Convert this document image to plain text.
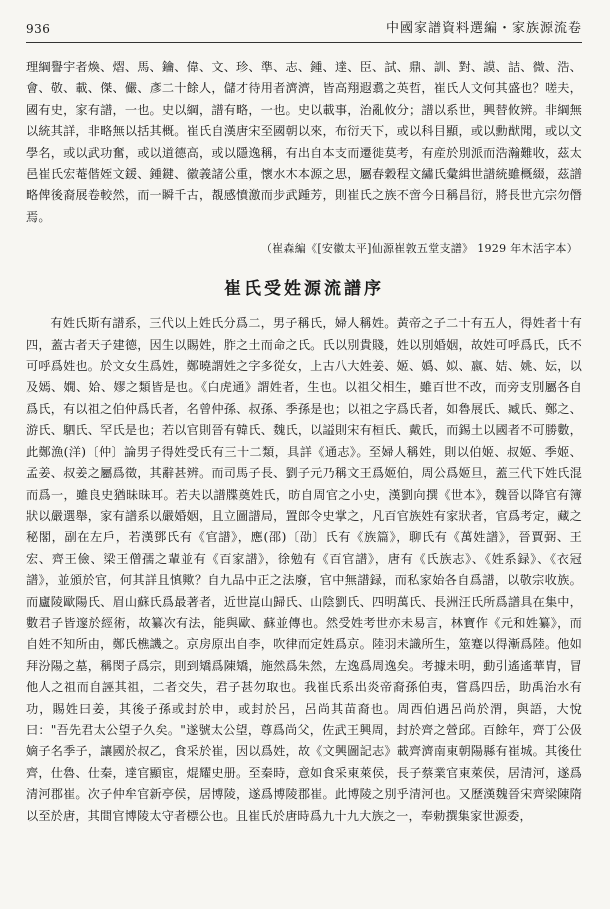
936	中國家譜資料選編・家族源流卷

理綱譽宇者煥、熠、馬、鑰、偉、文、珍、準、志、鍾、達、臣、試、鼎、訓、對、謨、詰、微、浩、會、敬、載、傑、儼、彥二十餘人，儲才待用者濟濟，皆高翔遐翥之英哲，崔氏人文何其盛也？嗟夫，國有史，家有譜，一也。史以綱，譜有略，一也。史以載事，治亂攸分；譜以系世，興替攸辨。非綱無以統其詳，非略無以括其概。崔氏自漢唐宋至國朝以來，布衍天下，或以科目顯，或以勳猷聞，或以文學名，或以武功奮，或以道德高，或以隱逸稱，有出自本支而遷徙莫考，有産於別派而浩瀚難收，茲太邑崔氏宏菴偕姪文鍰、鍾鍵、徽義諸公重，懷水木本源之思，屬春穀程文繡氏彙緝世譜統雖概綴，茲譜略俾後裔展卷較然，而一瞬千古，覩感憤激而步武踵芳，則崔氏之族不啻今日稱昌衍，將長世亢宗勿僭焉。

（崔森編《[安徽太平]仙源崔敦五堂支譜》 1929 年木活字本）
崔氏受姓源流譜序

有姓氏斯有譜系，三代以上姓氏分爲二，男子稱氏，婦人稱姓。黃帝之子二十有五人，得姓者十有四，蓋古者天子建德，因生以賜姓，胙之土而命之氏。氏以別貴賤，姓以別婚姻，故姓可呼爲氏，氏不可呼爲姓也。於文女生爲姓，鄭曉謂姓之字多從女，上古八大姓姜、姬、嬀、姒、嬴、姞、姚、妘，以及嫣、嫺、姶、嫪之類皆是也。《白虎通》謂姓者，生也。以祖父相生，雖百世不改，而旁支別屬各自爲氏，有以祖之伯仲爲氏者，名曾仲孫、叔孫、季孫是也；以祖之字爲氏者，如魯展氏、臧氏、鄭之、游氏、駟氏、罕氏是也；若以官則晉有韓氏、魏氏，以謚則宋有桓氏、戴氏，而錫土以國者不可勝數，此鄭漁(洋)〔仲〕論男子得姓受氏有三十二類，具詳《通志》。至婦人稱姓，則以伯姬、叔姬、季姬、孟姜、叔姜之屬爲徵，其辭甚辨。而司馬子長、劉子元乃稱文王爲姬伯，周公爲姬旦，蓋三代下姓氏混而爲一，雖良史猶昧昧耳。若夫以譜牒奠姓氏，昉自周官之小史，漢劉向撰《世本》，魏晉以降官有簿狀以嚴選舉，家有譜系以嚴婚姻，且立圖譜局，置郎令史掌之，凡百官族姓有家狀者，官爲考定，藏之秘閣，副在左戶，若漢鄧氏有《官譜》，應(邵)〔劭〕氏有《族篇》，聊氏有《萬姓譜》，晉賈弼、王宏、齊王儉、梁王僧孺之輩並有《百家譜》，徐勉有《百官譜》，唐有《氏族志》、《姓系録》、《衣冠譜》，並頒於官，何其詳且慎歟？自九品中正之法廢，官中無譜録，而私家始各自爲譜，以敬宗收族。而廬陵歐陽氏、眉山蘇氏爲最著者，近世崑山歸氏、山陰劉氏、四明萬氏、長洲汪氏所爲譜具在集中，數君子皆邃於經術，故纂次有法，能與歐、蘇並傳也。然受姓考世亦未易言，林寶作《元和姓纂》，而自姓不知所由，鄭氏樵譏之。京房原出自李，吹律而定姓爲京。陸羽未識所生，筮蹇以得漸爲陸。他如拜汾陽之墓，稱閔子爲宗，則到矯爲陳矯，施然爲朱然，左逸爲周逸矣。考據未明，動引遙遙華胄，冒他人之祖而自誣其祖，二者交失，君子甚勿取也。我崔氏系出炎帝裔孫伯夷，嘗爲四岳，助禹治水有功，賜姓曰姜，其後子孫或封於申，或封於呂，呂尚其苗裔也。周西伯遇呂尚於渭，與語，大悅曰："吾先君太公望子久矣。"遂號太公望，尊爲尚父，佐武王興周，封於齊之營邱。百餘年，齊丁公伋嫡子名季子，讓國於叔乙，食采於崔，因以爲姓，故《文興圖記志》載齊濟南東朝陽縣有崔城。其後仕齊，仕魯、仕秦，達官顯宦，焜耀史册。至秦時，意如食采東萊侯，長子蔡業官東萊侯，居清河，遂爲清河郡崔。次子仲牟官新亭侯，居博陵，遂爲博陵郡崔。此博陵之別乎清河也。又歷漢魏晉宋齊梁陳隋以至於唐，其間官博陵太守者標公也。且崔氏於唐時爲九十九大族之一，奉勅撰集家世源委，
